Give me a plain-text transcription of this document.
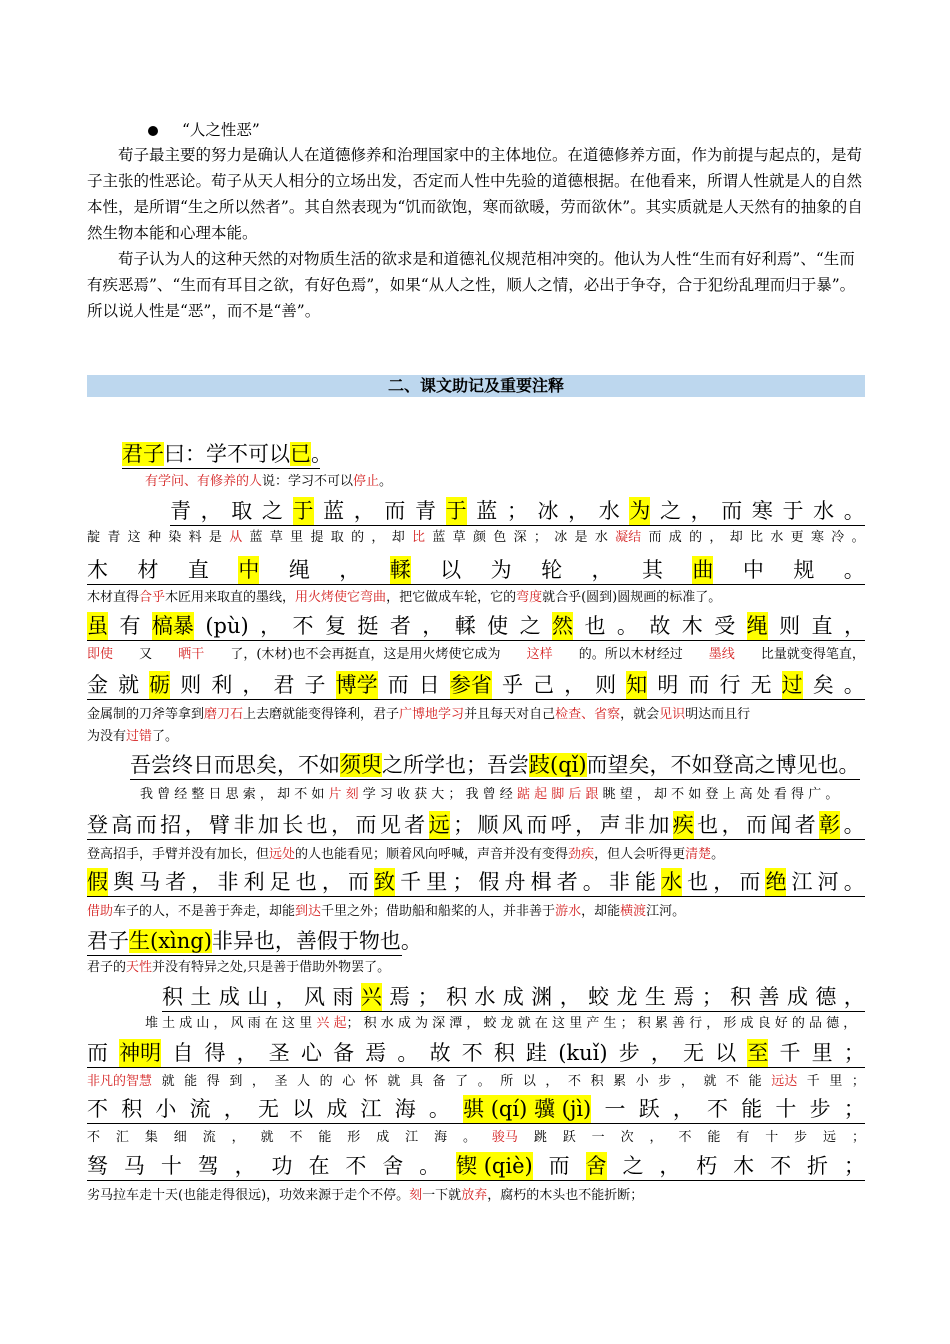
“人之性恶”

荀子最主要的努力是确认人在道德修养和治理国家中的主体地位。在道德修养方面，作为前提与起点的，是荀子主张的性恶论。荀子从天人相分的立场出发，否定而人性中先验的道德根据。在他看来，所谓人性就是人的自然本性，是所谓“生之所以然者”。其自然表现为“饥而欲饱，寒而欲暖，劳而欲休”。其实质就是人天然有的抽象的自然生物本能和心理本能。

荀子认为人的这种天然的对物质生活的欲求是和道德礼仪规范相冲突的。他认为人性“生而有好利焉”、“生而有疾恶焉”、“生而有耳目之欲，有好色焉”，如果“从人之性，顺人之情，必出于争夺，合于犯纷乱理而归于暴”。所以说人性是“恶”，而不是“善”。

二、课文助记及重要注释
君子曰：学不可以已。
有学问、有修养的人说：学习不可以停止。
青 ， 取 之 于 蓝 ， 而 青 于 蓝 ； 冰 ， 水 为 之 ， 而 寒 于 水 。
靛 青 这 种 染 料 是 从 蓝 草 里 提 取 的 ， 却 比 蓝 草 颜 色 深 ； 冰 是 水 凝结 而 成 的 ， 却 比 水 更 寒 冷 。
木 材 直 中 绳 ， 輮 以 为 轮 ， 其 曲 中 规 。
木材直得合乎木匠用来取直的墨线，用火烤使它弯曲，把它做成车轮，它的弯度就合乎(圆到)圆规画的标准了。
虽 有 槁暴 (pù) ， 不 复 挺 者 ， 輮 使 之 然 也 。 故 木 受 绳 则 直 ，
即使 又 晒干 了，(木材)也不会再挺直，这是用火烤使它成为 这样 的。所以木材经过 墨线 比量就变得笔直，
金 就 砺 则 利 ， 君 子 博学 而 日 参省 乎 己 ， 则 知 明 而 行 无 过 矣 。
金属制的刀斧等拿到磨刀石上去磨就能变得锋利，君子广博地学习并且每天对自己检查、省察，就会见识明达而且行
为没有过错了。
吾尝终日而思矣，不如须臾之所学也；吾尝跂(qǐ)而望矣，不如登高之博见也。
我 曾 经 整 日 思 索 ， 却 不 如 片 刻 学 习 收 获 大 ； 我 曾 经 踮 起 脚 后 跟 眺 望 ， 却 不 如 登 上 高 处 看 得 广 。
登 高 而 招 ， 臂 非 加 长 也 ， 而 见 者 远 ； 顺 风 而 呼 ， 声 非 加 疾 也 ， 而 闻 者 彰 。
登高招手，手臂并没有加长，但远处的人也能看见；顺着风向呼喊，声音并没有变得劲疾，但人会听得更清楚。
假 舆 马 者 ， 非 利 足 也 ， 而 致 千 里 ； 假 舟 楫 者 。 非 能 水 也 ， 而 绝 江 河 。
借助车子的人，不是善于奔走，却能到达千里之外；借助船和船桨的人，并非善于游水，却能横渡江河。
君子生(xìng)非异也，善假于物也。
君子的天性并没有特异之处,只是善于借助外物罢了。
积 土 成 山 ， 风 雨 兴 焉 ； 积 水 成 渊 ， 蛟 龙 生 焉 ； 积 善 成 德 ，
堆 土 成 山 ， 风 雨 在 这 里 兴 起； 积 水 成 为 深 潭 ， 蛟 龙 就 在 这 里 产 生 ； 积 累 善 行 ， 形 成 良 好 的 品 德 ，
而 神明 自 得 ， 圣 心 备 焉 。 故 不 积 跬 (kuǐ) 步 ， 无 以 至 千 里 ；
非凡的智慧 就 能 得 到 ， 圣 人 的 心 怀 就 具 备 了 。 所 以 ， 不 积 累 小 步 ， 就 不 能 远达 千 里 ；
不 积 小 流 ， 无 以 成 江 海 。 骐 (qí) 骥 (jì) 一 跃 ， 不 能 十 步 ；
不 汇 集 细 流 ， 就 不 能 形 成 江 海 。 骏马 跳 跃 一 次 ， 不 能 有 十 步 远 ；
驽 马 十 驾 ， 功 在 不 舍 。 锲 (qiè) 而 舍 之 ， 朽 木 不 折 ；
劣马拉车走十天(也能走得很远)，功效来源于走个不停。刻一下就放弃，腐朽的木头也不能折断；
